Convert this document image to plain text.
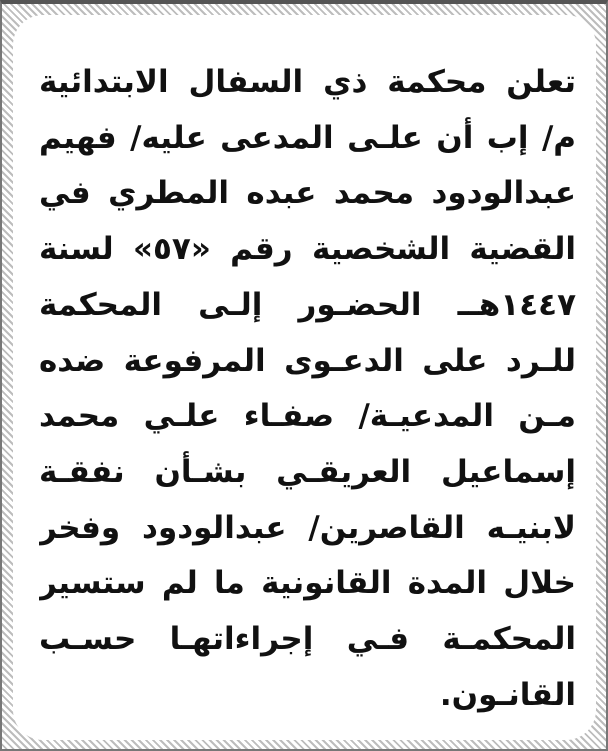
تعلن محكمة ذي السفال الابتدائية
م/ إب أن علـى المدعى عليه/ فهيم
عبدالودود محمد عبده المطري في
القضية الشخصية رقم «٥٧» لسنة
١٤٤٧هــ الحضـور إلـى المحكمة
للـرد على الدعـوى المرفوعة ضده
مـن المدعيـة/ صفـاء علـي محمد
إسماعيل العريقـي بشـأن نفقـة
لابنيـه القاصرين/ عبدالودود وفخر
خلال المدة القانونية ما لم ستسير
المحكمـة فـي إجراءاتهـا حسـب
القانـون.
